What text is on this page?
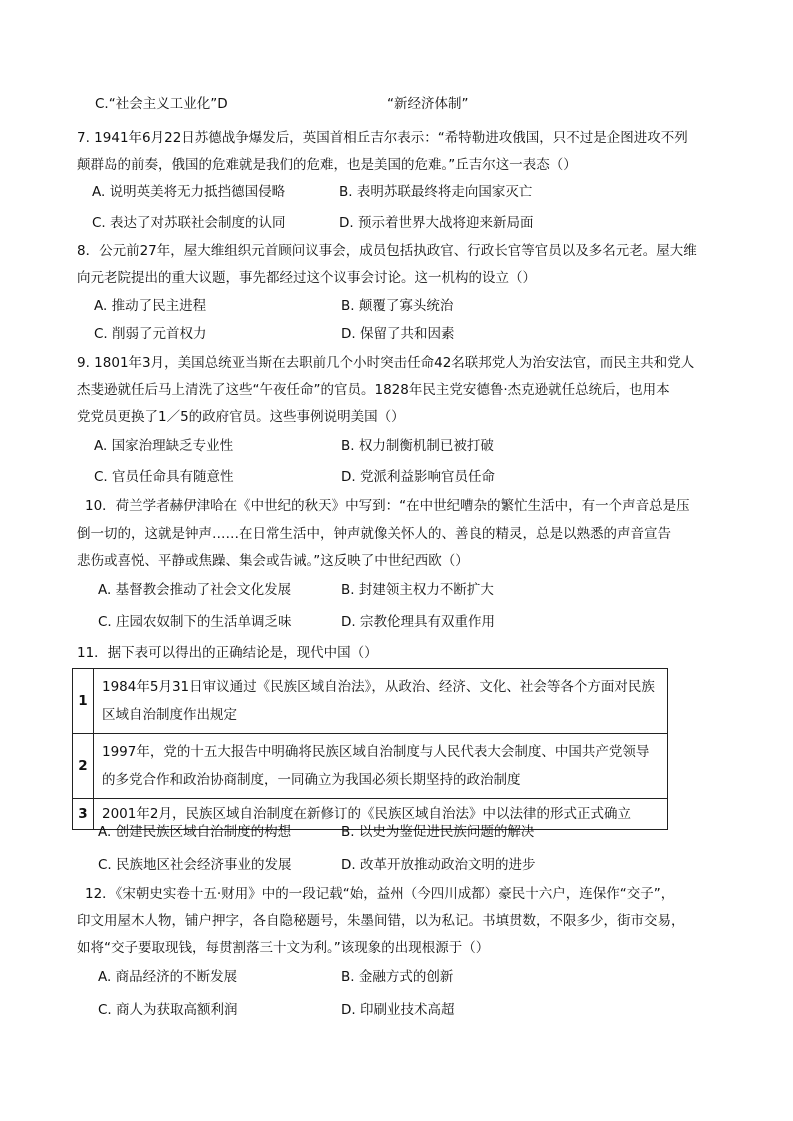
C.“社会主义工业化”D	“新经济体制”
7. 1941年6月22日苏德战争爆发后，英国首相丘吉尔表示：“希特勒进攻俄国，只不过是企图进攻不列
颠群岛的前奏，俄国的危难就是我们的危难，也是美国的危难。”丘吉尔这一表态（）
A. 说明英美将无力抵挡德国侵略	B. 表明苏联最终将走向国家灭亡
C. 表达了对苏联社会制度的认同	D. 预示着世界大战将迎来新局面
8．公元前27年，屋大维组织元首顾问议事会，成员包括执政官、行政长官等官员以及多名元老。屋大维
向元老院提出的重大议题，事先都经过这个议事会讨论。这一机构的设立（）
A. 推动了民主进程	B. 颠覆了寡头统治
C. 削弱了元首权力	D. 保留了共和因素
9. 1801年3月，美国总统亚当斯在去职前几个小时突击任命42名联邦党人为治安法官，而民主共和党人
杰斐逊就任后马上清洗了这些“午夜任命”的官员。1828年民主党安德鲁·杰克逊就任总统后，也用本
党党员更换了1／5的政府官员。这些事例说明美国（）
A. 国家治理缺乏专业性	B. 权力制衡机制已被打破
C. 官员任命具有随意性	D. 党派利益影响官员任命
10．荷兰学者赫伊津哈在《中世纪的秋天》中写到：“在中世纪嘈杂的繁忙生活中，有一个声音总是压
倒一切的，这就是钟声……在日常生活中，钟声就像关怀人的、善良的精灵，总是以熟悉的声音宣告
悲伤或喜悦、平静或焦躁、集会或告诫。”这反映了中世纪西欧（）
A. 基督教会推动了社会文化发展	B. 封建领主权力不断扩大
C. 庄园农奴制下的生活单调乏味	D. 宗教伦理具有双重作用
11．据下表可以得出的正确结论是，现代中国（）
1	1984年5月31日审议通过《民族区域自治法》，从政治、经济、文化、社会等各个方面对民族区域自治制度作出规定
2	1997年，党的十五大报告中明确将民族区域自治制度与人民代表大会制度、中国共产党领导的多党合作和政治协商制度，一同确立为我国必须长期坚持的政治制度
3	2001年2月，民族区域自治制度在新修订的《民族区域自治法》中以法律的形式正式确立
A. 创建民族区域自治制度的构想	B. 以史为鉴促进民族问题的解决
C. 民族地区社会经济事业的发展	D. 改革开放推动政治文明的进步
12．《宋朝史实卷十五·财用》中的一段记载“始，益州（今四川成都）豪民十六户，连保作“交子”，
印文用屋木人物，铺户押字，各自隐秘题号，朱墨间错，以为私记。书填贯数，不限多少，街市交易，
如将“交子要取现钱，每贯割落三十文为利。”该现象的出现根源于（）
A. 商品经济的不断发展	B. 金融方式的创新
C. 商人为获取高额利润	D. 印刷业技术高超
